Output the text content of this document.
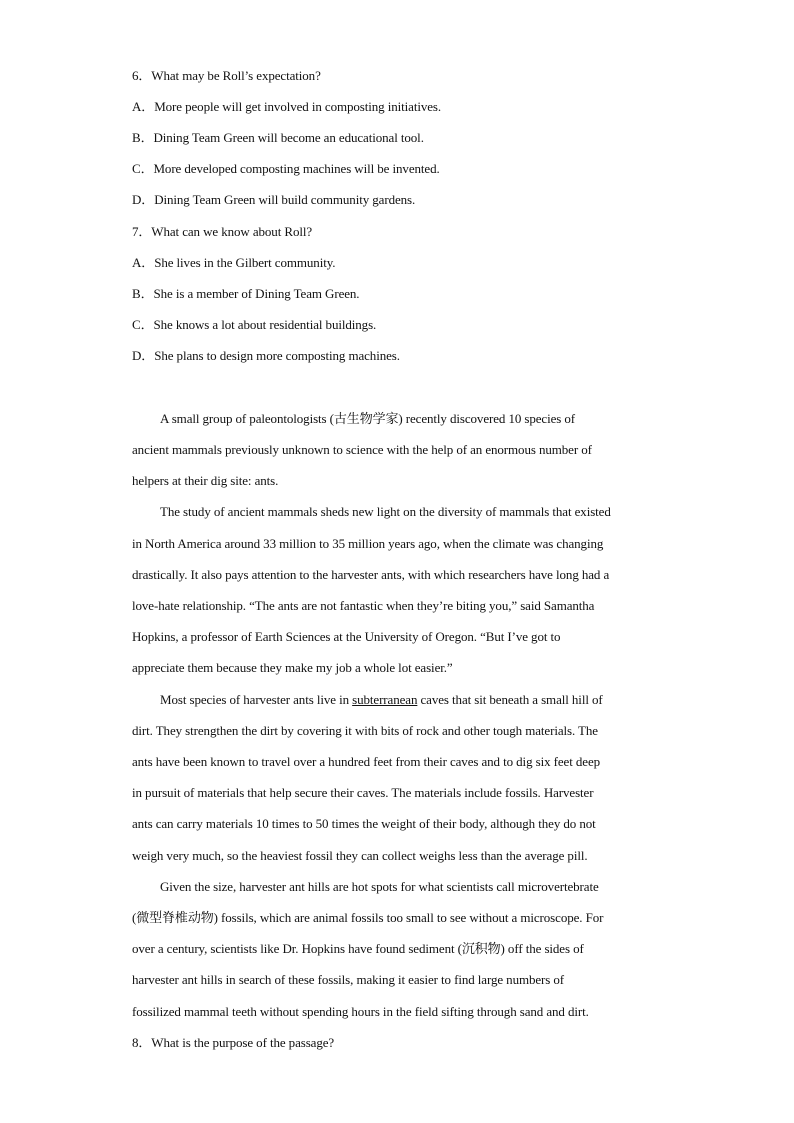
6．What may be Roll’s expectation?
A．More people will get involved in composting initiatives.
B．Dining Team Green will become an educational tool.
C．More developed composting machines will be invented.
D．Dining Team Green will build community gardens.
7．What can we know about Roll?
A．She lives in the Gilbert community.
B．She is a member of Dining Team Green.
C．She knows a lot about residential buildings.
D．She plans to design more composting machines.
A small group of paleontologists (古生物学家) recently discovered 10 species of
ancient mammals previously unknown to science with the help of an enormous number of
helpers at their dig site: ants.
The study of ancient mammals sheds new light on the diversity of mammals that existed
in North America around 33 million to 35 million years ago, when the climate was changing
drastically. It also pays attention to the harvester ants, with which researchers have long had a
love-hate relationship. “The ants are not fantastic when they’re biting you,” said Samantha
Hopkins, a professor of Earth Sciences at the University of Oregon. “But I’ve got to
appreciate them because they make my job a whole lot easier.”
Most species of harvester ants live in subterranean caves that sit beneath a small hill of
dirt. They strengthen the dirt by covering it with bits of rock and other tough materials. The
ants have been known to travel over a hundred feet from their caves and to dig six feet deep
in pursuit of materials that help secure their caves. The materials include fossils. Harvester
ants can carry materials 10 times to 50 times the weight of their body, although they do not
weigh very much, so the heaviest fossil they can collect weighs less than the average pill.
Given the size, harvester ant hills are hot spots for what scientists call microvertebrate
(微型脊椎动物) fossils, which are animal fossils too small to see without a microscope. For
over a century, scientists like Dr. Hopkins have found sediment (沉积物) off the sides of
harvester ant hills in search of these fossils, making it easier to find large numbers of
fossilized mammal teeth without spending hours in the field sifting through sand and dirt.
8．What is the purpose of the passage?
